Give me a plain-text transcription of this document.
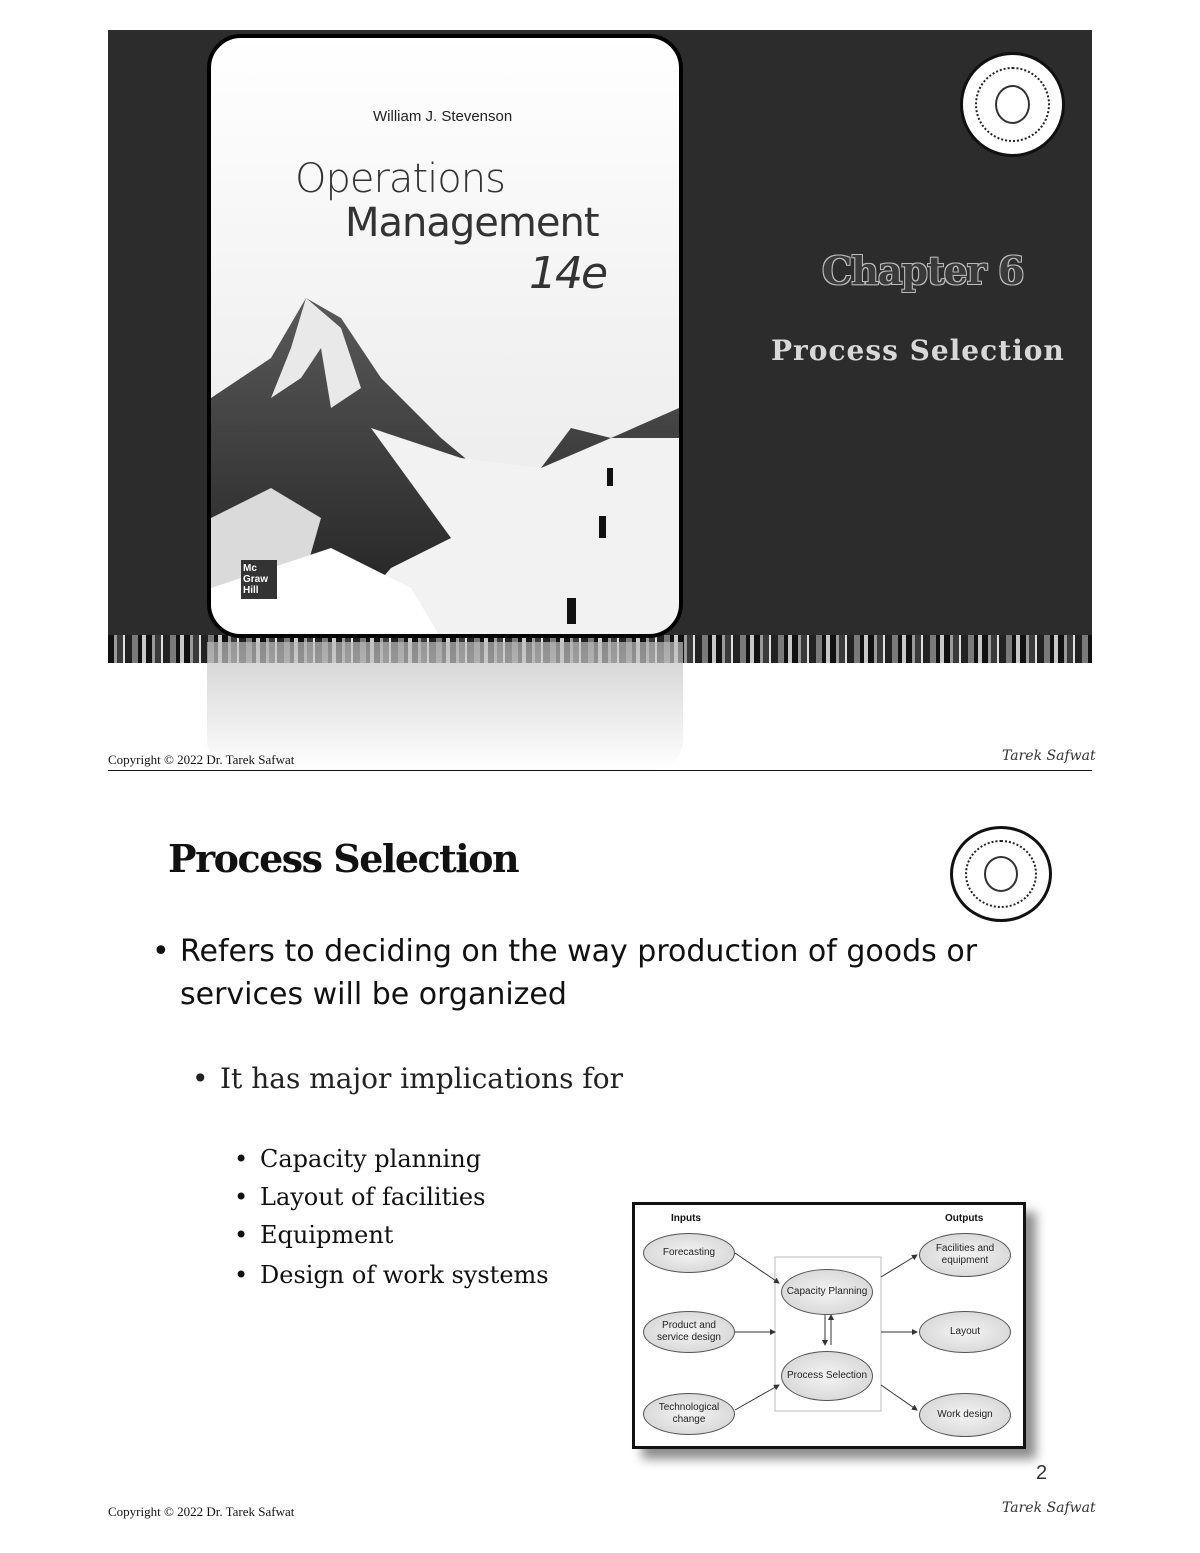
William J. Stevenson
Operations
Management
14e
Mc Graw Hill
Chapter 6
Process Selection
Copyright © 2022 Dr. Tarek Safwat	Tarek Safwat
Process Selection
• Refers to deciding on the way production of goods or services will be organized
• It has major implications for
• Capacity planning
• Layout of facilities
• Equipment
• Design of work systems
Inputs	Outputs
Forecasting
Product and service design
Technological change
Capacity Planning
Process Selection
Facilities and equipment
Layout
Work design
2
Copyright © 2022 Dr. Tarek Safwat	Tarek Safwat
